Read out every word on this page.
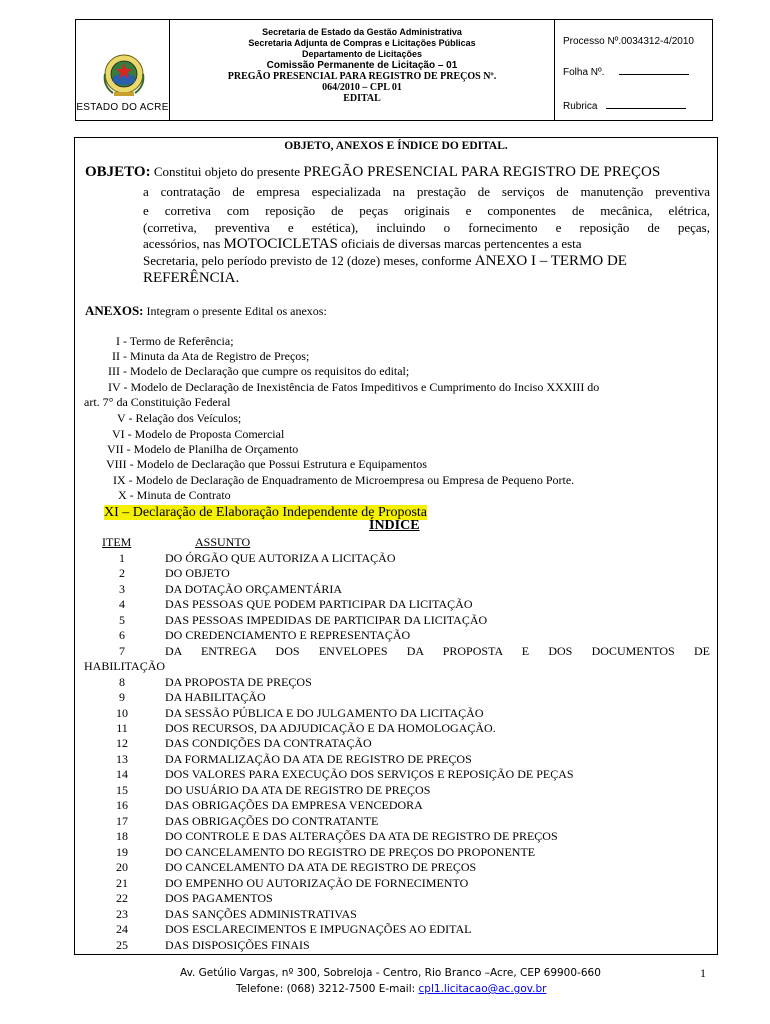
ESTADO DO ACRE
Secretaria de Estado da Gestão Administrativa
Secretaria Adjunta de Compras e Licitações Públicas
Departamento de Licitações
Comissão Permanente de Licitação – 01
PREGÃO PRESENCIAL PARA REGISTRO DE PREÇOS Nº.
064/2010 – CPL 01
EDITAL
Processo Nº.0034312-4/2010
Folha Nº.
Rubrica
OBJETO, ANEXOS E ÍNDICE DO EDITAL.
OBJETO: Constitui objeto do presente PREGÃO PRESENCIAL PARA REGISTRO DE PREÇOS
a contratação de empresa especializada na prestação de serviços de manutenção preventiva
e corretiva com reposição de peças originais e componentes de mecânica, elétrica,
(corretiva, preventiva e estética), incluindo o fornecimento e reposição de peças,
acessórios, nas MOTOCICLETAS oficiais de diversas marcas pertencentes a esta
Secretaria, pelo período previsto de 12 (doze) meses, conforme ANEXO I – TERMO DE
REFERÊNCIA.
ANEXOS: Integram o presente Edital os anexos:
I - Termo de Referência;
II - Minuta da Ata de Registro de Preços;
III - Modelo de Declaração que cumpre os requisitos do edital;
IV - Modelo de Declaração de Inexistência de Fatos Impeditivos e Cumprimento do Inciso XXXIII do
art. 7° da Constituição Federal
V - Relação dos Veículos;
VI - Modelo de Proposta Comercial
VII - Modelo de Planilha de Orçamento
VIII - Modelo de Declaração que Possui Estrutura e Equipamentos
IX - Modelo de Declaração de Enquadramento de Microempresa ou Empresa de Pequeno Porte.
X - Minuta de Contrato
XI – Declaração de Elaboração Independente de Proposta
ÍNDICE
ITEM	ASSUNTO
1	DO ÓRGÃO QUE AUTORIZA A LICITAÇÃO
2	DO OBJETO
3	DA DOTAÇÃO ORÇAMENTÁRIA
4	DAS PESSOAS QUE PODEM PARTICIPAR DA LICITAÇÃO
5	DAS PESSOAS IMPEDIDAS DE PARTICIPAR DA LICITAÇÃO
6	DO CREDENCIAMENTO E REPRESENTAÇÃO
7	DA ENTREGA DOS ENVELOPES DA PROPOSTA E DOS DOCUMENTOS DE
HABILITAÇÃO
8	DA PROPOSTA DE PREÇOS
9	DA HABILITAÇÃO
10	DA SESSÃO PÚBLICA E DO JULGAMENTO DA LICITAÇÃO
11	DOS RECURSOS, DA ADJUDICAÇÃO E DA HOMOLOGAÇÃO.
12	DAS CONDIÇÕES DA CONTRATAÇÃO
13	DA FORMALIZAÇÃO DA ATA DE REGISTRO DE PREÇOS
14	DOS VALORES PARA EXECUÇÃO DOS SERVIÇOS E REPOSIÇÃO DE PEÇAS
15	DO USUÁRIO DA ATA DE REGISTRO DE PREÇOS
16	DAS OBRIGAÇÕES DA EMPRESA VENCEDORA
17	DAS OBRIGAÇÕES DO CONTRATANTE
18	DO CONTROLE E DAS ALTERAÇÕES DA ATA DE REGISTRO DE PREÇOS
19	DO CANCELAMENTO DO REGISTRO DE PREÇOS DO PROPONENTE
20	DO CANCELAMENTO DA ATA DE REGISTRO DE PREÇOS
21	DO EMPENHO OU AUTORIZAÇÃO DE FORNECIMENTO
22	DOS PAGAMENTOS
23	DAS SANÇÕES ADMINISTRATIVAS
24	DOS ESCLARECIMENTOS E IMPUGNAÇÕES AO EDITAL
25	DAS DISPOSIÇÕES FINAIS
Av. Getúlio Vargas, nº 300, Sobreloja - Centro, Rio Branco –Acre, CEP 69900-660	1
Telefone: (068) 3212-7500 E-mail: cpl1.licitacao@ac.gov.br
